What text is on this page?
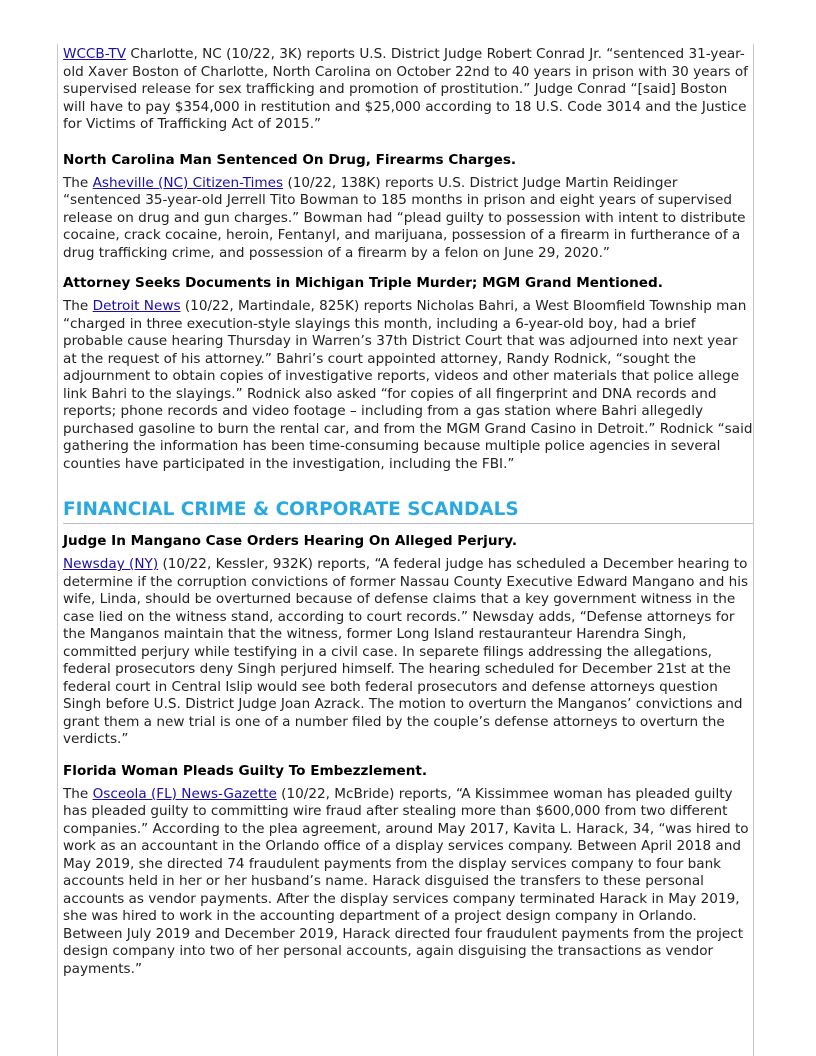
WCCB-TV Charlotte, NC (10/22, 3K) reports U.S. District Judge Robert Conrad Jr. “sentenced 31-year-old Xaver Boston of Charlotte, North Carolina on October 22nd to 40 years in prison with 30 years of supervised release for sex trafficking and promotion of prostitution.” Judge Conrad “[said] Boston will have to pay $354,000 in restitution and $25,000 according to 18 U.S. Code 3014 and the Justice for Victims of Trafficking Act of 2015.”

North Carolina Man Sentenced On Drug, Firearms Charges.

The Asheville (NC) Citizen-Times (10/22, 138K) reports U.S. District Judge Martin Reidinger “sentenced 35-year-old Jerrell Tito Bowman to 185 months in prison and eight years of supervised release on drug and gun charges.” Bowman had “plead guilty to possession with intent to distribute cocaine, crack cocaine, heroin, Fentanyl, and marijuana, possession of a firearm in furtherance of a drug trafficking crime, and possession of a firearm by a felon on June 29, 2020.”

Attorney Seeks Documents in Michigan Triple Murder; MGM Grand Mentioned.

The Detroit News (10/22, Martindale, 825K) reports Nicholas Bahri, a West Bloomfield Township man “charged in three execution-style slayings this month, including a 6-year-old boy, had a brief probable cause hearing Thursday in Warren’s 37th District Court that was adjourned into next year at the request of his attorney.” Bahri’s court appointed attorney, Randy Rodnick, “sought the adjournment to obtain copies of investigative reports, videos and other materials that police allege link Bahri to the slayings.” Rodnick also asked “for copies of all fingerprint and DNA records and reports; phone records and video footage – including from a gas station where Bahri allegedly purchased gasoline to burn the rental car, and from the MGM Grand Casino in Detroit.” Rodnick “said gathering the information has been time-consuming because multiple police agencies in several counties have participated in the investigation, including the FBI.”

FINANCIAL CRIME & CORPORATE SCANDALS
Judge In Mangano Case Orders Hearing On Alleged Perjury.

Newsday (NY) (10/22, Kessler, 932K) reports, “A federal judge has scheduled a December hearing to determine if the corruption convictions of former Nassau County Executive Edward Mangano and his wife, Linda, should be overturned because of defense claims that a key government witness in the case lied on the witness stand, according to court records.” Newsday adds, “Defense attorneys for the Manganos maintain that the witness, former Long Island restauranteur Harendra Singh, committed perjury while testifying in a civil case. In separete filings addressing the allegations, federal prosecutors deny Singh perjured himself. The hearing scheduled for December 21st at the federal court in Central Islip would see both federal prosecutors and defense attorneys question Singh before U.S. District Judge Joan Azrack. The motion to overturn the Manganos’ convictions and grant them a new trial is one of a number filed by the couple’s defense attorneys to overturn the verdicts.”

Florida Woman Pleads Guilty To Embezzlement.

The Osceola (FL) News-Gazette (10/22, McBride) reports, “A Kissimmee woman has pleaded guilty has pleaded guilty to committing wire fraud after stealing more than $600,000 from two different companies.” According to the plea agreement, around May 2017, Kavita L. Harack, 34, “was hired to work as an accountant in the Orlando office of a display services company. Between April 2018 and May 2019, she directed 74 fraudulent payments from the display services company to four bank accounts held in her or her husband’s name. Harack disguised the transfers to these personal accounts as vendor payments. After the display services company terminated Harack in May 2019, she was hired to work in the accounting department of a project design company in Orlando. Between July 2019 and December 2019, Harack directed four fraudulent payments from the project design company into two of her personal accounts, again disguising the transactions as vendor payments.”
